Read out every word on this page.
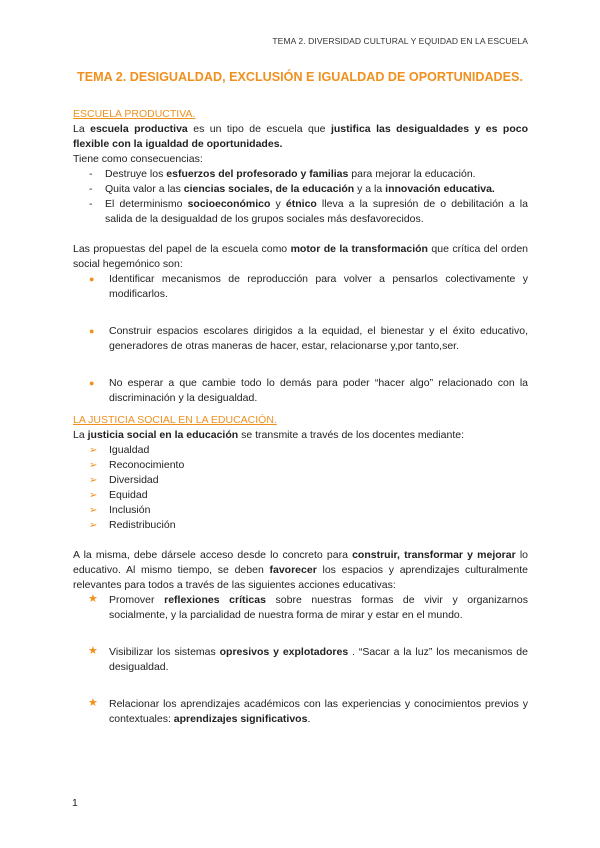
TEMA 2. DIVERSIDAD CULTURAL Y EQUIDAD EN LA ESCUELA
TEMA 2. DESIGUALDAD, EXCLUSIÓN E IGUALDAD DE OPORTUNIDADES.
ESCUELA PRODUCTIVA.
La escuela productiva es un tipo de escuela que justifica las desigualdades y es poco flexible con la igualdad de oportunidades.
Tiene como consecuencias:
- Destruye los esfuerzos del profesorado y familias para mejorar la educación.
- Quita valor a las ciencias sociales, de la educación y a la innovación educativa.
- El determinismo socioeconómico y étnico lleva a la supresión de o debilitación a la salida de la desigualdad de los grupos sociales más desfavorecidos.
Las propuestas del papel de la escuela como motor de la transformación que crítica del orden social hegemónico son:
● Identificar mecanismos de reproducción para volver a pensarlos colectivamente y modificarlos.
● Construir espacios escolares dirigidos a la equidad, el bienestar y el éxito educativo, generadores de otras maneras de hacer, estar, relacionarse y,por tanto,ser.
● No esperar a que cambie todo lo demás para poder “hacer algo” relacionado con la discriminación y la desigualdad.
LA JUSTICIA SOCIAL EN LA EDUCACIÓN.
La justicia social en la educación se transmite a través de los docentes mediante:
➢ Igualdad
➢ Reconocimiento
➢ Diversidad
➢ Equidad
➢ Inclusión
➢ Redistribución
A la misma, debe dársele acceso desde lo concreto para construir, transformar y mejorar lo educativo. Al mismo tiempo, se deben favorecer los espacios y aprendizajes culturalmente relevantes para todos a través de las siguientes acciones educativas:
★ Promover reflexiones críticas sobre nuestras formas de vivir y organizarnos socialmente, y la parcialidad de nuestra forma de mirar y estar en el mundo.
★ Visibilizar los sistemas opresivos y explotadores . “Sacar a la luz” los mecanismos de desigualdad.
★ Relacionar los aprendizajes académicos con las experiencias y conocimientos previos y contextuales: aprendizajes significativos.
1
